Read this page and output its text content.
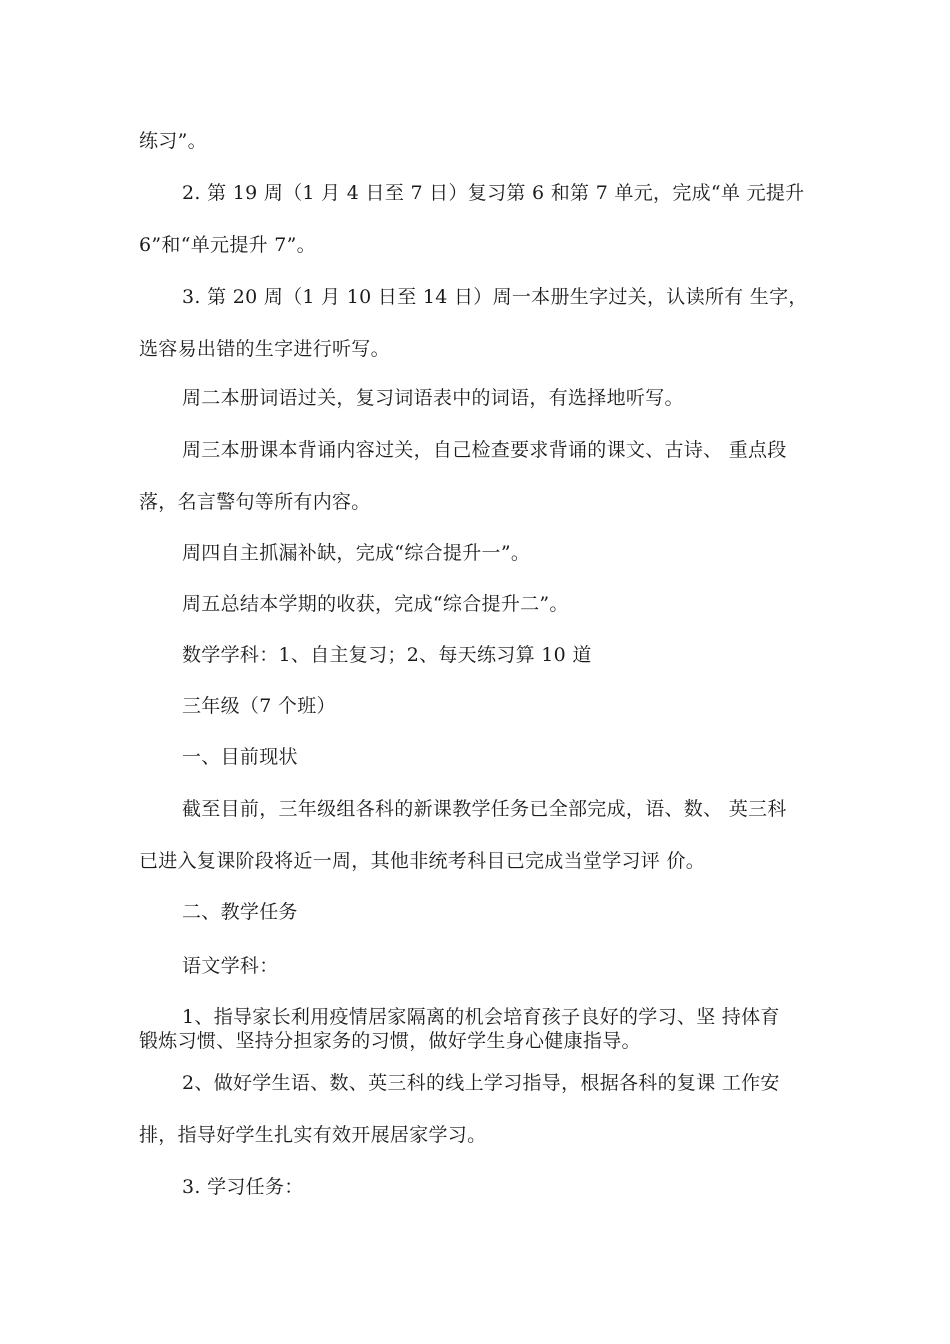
练习”。
2. 第 19 周（1 月 4 日至 7 日）复习第 6 和第 7 单元，完成“单 元提升
6”和“单元提升 7”。
3. 第 20 周（1 月 10 日至 14 日）周一本册生字过关，认读所有 生字，
选容易出错的生字进行听写。
周二本册词语过关，复习词语表中的词语，有选择地听写。
周三本册课本背诵内容过关，自己检查要求背诵的课文、古诗、 重点段
落，名言警句等所有内容。
周四自主抓漏补缺，完成“综合提升一”。
周五总结本学期的收获，完成“综合提升二”。
数学学科：1、自主复习；2、每天练习算 10 道
三年级（7 个班）
一、目前现状
截至目前，三年级组各科的新课教学任务已全部完成，语、数、 英三科
已进入复课阶段将近一周，其他非统考科目已完成当堂学习评 价。
二、教学任务
语文学科：
1、指导家长利用疫情居家隔离的机会培育孩子良好的学习、坚 持体育
锻炼习惯、坚持分担家务的习惯，做好学生身心健康指导。
2、做好学生语、数、英三科的线上学习指导，根据各科的复课 工作安
排，指导好学生扎实有效开展居家学习。
3. 学习任务：
